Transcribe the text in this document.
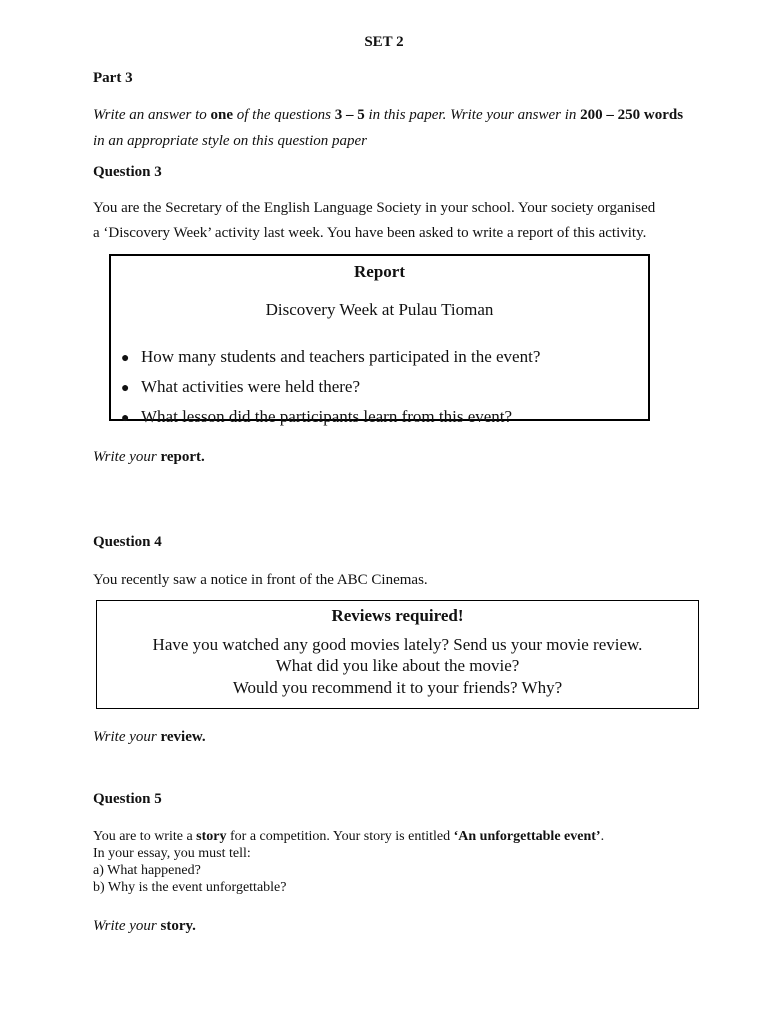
SET 2
Part 3
Write an answer to one of the questions 3 – 5 in this paper. Write your answer in 200 – 250 words in an appropriate style on this question paper
Question 3
You are the Secretary of the English Language Society in your school. Your society organised
a ‘Discovery Week’ activity last week. You have been asked to write a report of this activity.
Report
Discovery Week at Pulau Tioman
● How many students and teachers participated in the event?
● What activities were held there?
● What lesson did the participants learn from this event?
Write your report.
Question 4
You recently saw a notice in front of the ABC Cinemas.
Reviews required!
Have you watched any good movies lately? Send us your movie review.
What did you like about the movie?
Would you recommend it to your friends? Why?
Write your review.
Question 5
You are to write a story for a competition. Your story is entitled ‘An unforgettable event’.
In your essay, you must tell:
a) What happened?
b) Why is the event unforgettable?
Write your story.
